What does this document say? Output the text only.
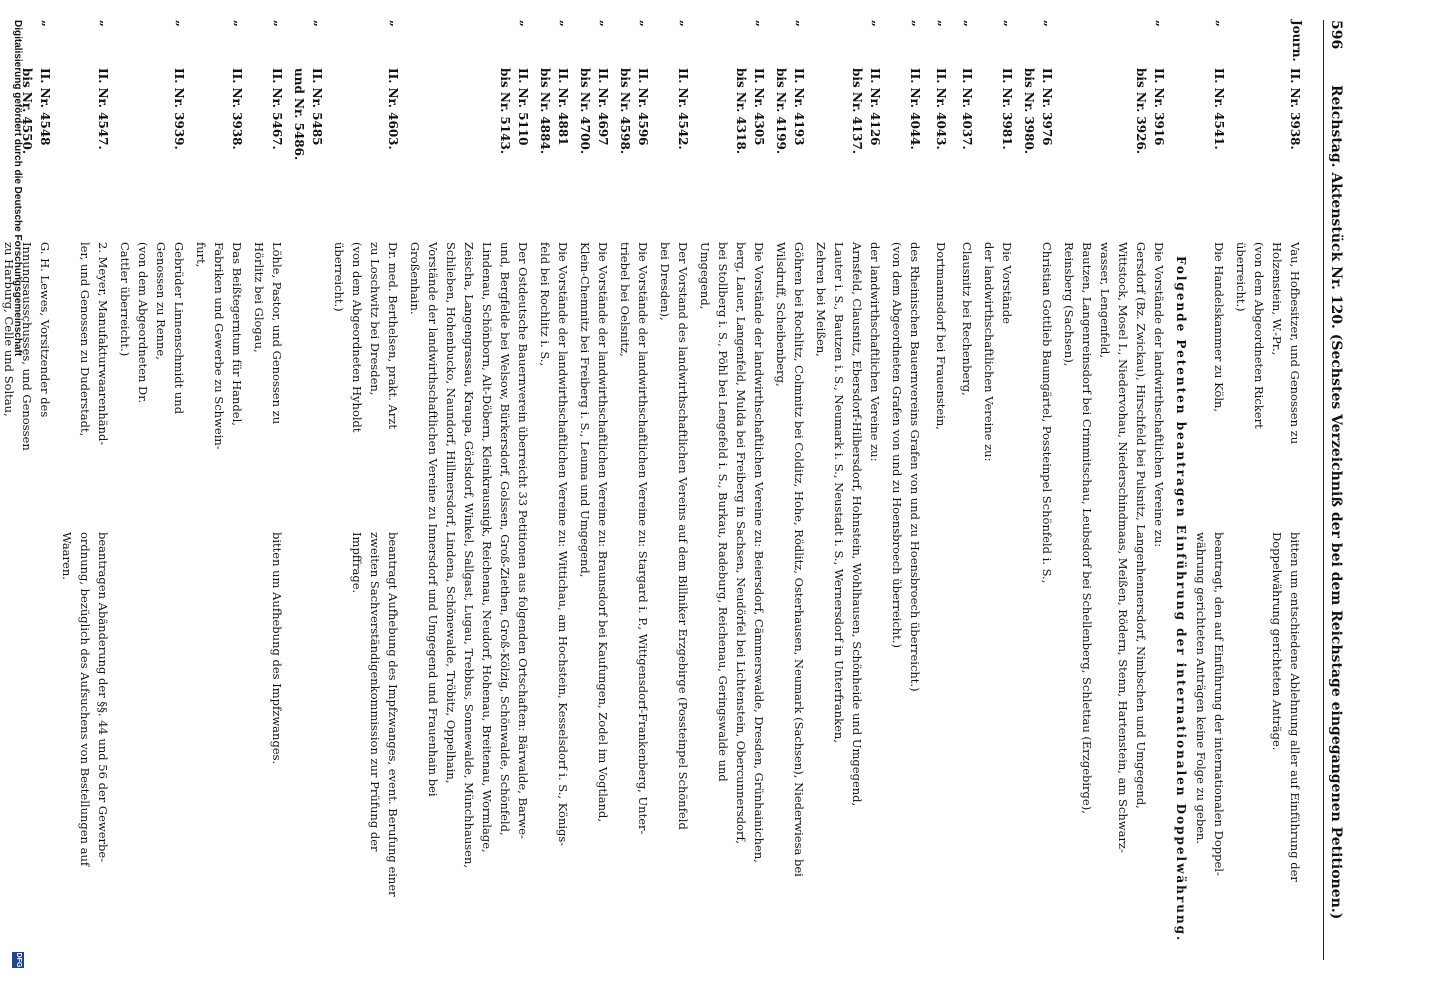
596 Reichstag. Aktenstück Nr. 120. (Sechstes Verzeichniß der bei dem Reichstage eingegangenen Petitionen.)
Journ.
II. Nr. 3938.
Vau, Hofbesitzer, und Genossen zu
Holzenstein, W.-Pr.,
(von dem Abgeordneten Rickert
überreicht.)
bitten um entschiedene Ablehnung aller auf Einführung der
Doppelwährung gerichteten Anträge.
„
II. Nr. 4541.
Die Handelskammer zu Köln,
beantragt, den auf Einführung der internationalen Doppel-
währung gerichteten Anträgen keine Folge zu geben.
Folgende Petenten beantragen Einführung der internationalen Doppelwährung.
„
II. Nr. 3916
bis Nr. 3926.
Die Vorstände der landwirthschaftlichen Vereine zu:
Gersdorf (Bz. Zwickau), Hirschfeld bei Pulsnitz, Langenhennersdorf, Nimbschen und Umgegend,
Wittstock, Mosel I., Niedervohau, Niederschindmaas, Meißen, Rödern, Stenn, Hartenstein, am Schwarz-
wasser, Lengenfeld,
Bautzen, Langenreinsdorf bei Crimmitschau, Leubsdorf bei Schellenberg, Schlettau (Erzgebirge),
Reinsberg (Sachsen),
„
II. Nr. 3976
bis Nr. 3980.
Christian Gottlieb Baumgärtel, Possteinpel Schönfeld i. S.,
„
II. Nr. 3981.
Die Vorstände
der landwirthschaftlichen Vereine zu:
„
II. Nr. 4037.
Clausnitz bei Rechenberg,
„
II. Nr. 4043.
Dortmannsdorf bei Frauenstein,
„
II. Nr. 4044.
des Rheinischen Bauernvereins Grafen von und zu Hoensbroech überreicht.)
(von dem Abgeordneten Grafen von und zu Hoensbroech überreicht.)
„
II. Nr. 4126
bis Nr. 4137.
der landwirthschaftlichen Vereine zu:
Arnsfeld, Clausnitz, Ebersdorf-Hilbersdorf, Hohnstein, Wohlhausen, Schönheide und Umgegend,
Lauter i. S., Bautzen i. S., Neumark i. S., Neustadt i. S., Wernersdorf in Unterfranken,
Zehren bei Meißen,
„
II. Nr. 4193
bis Nr. 4199.
Göhren bei Rochlitz, Colmnitz bei Colditz, Hohe, Rödlitz, Osterhausen, Neumark (Sachsen), Niederwiesa bei
Wilsdruff, Scheibenberg,
„
II. Nr. 4305
bis Nr. 4318.
Die Vorstände der landwirthschaftlichen Vereine zu: Beiersdorf, Cämmerswalde, Dresden, Grünhainichen,
berg, Lauer, Langenfeld, Mulda bei Freiberg in Sachsen, Neudörfel bei Lichtenstein, Obercunnersdorf,
bei Stollberg i. S., Pöhl bei Lengefeld i. S., Burkau, Radeburg, Reichenau, Geringswalde und
Umgegend,
„
II. Nr. 4542.
Der Vorstand des landwirthschaftlichen Vereins auf dem Billniker Erzgebirge (Possteinpel Schönfeld
bei Dresden),
„
II. Nr. 4596
bis Nr. 4598.
Die Vorstände der landwirthschaftlichen Vereine zu: Stargard i. P., Wittgensdorf-Frankenberg, Unter-
triebel bei Oelsnitz,
„
II. Nr. 4697
bis Nr. 4700.
Die Vorstände der landwirthschaftlichen Vereine zu: Braunsdorf bei Kaufungen, Zodel im Vogtland,
Klein-Chemnitz bei Freiberg i. S., Leuma und Umgegend,
„
II. Nr. 4881
bis Nr. 4884.
Die Vorstände der landwirthschaftlichen Vereine zu: Wittichau, am Hochstein, Kesselsdorf i. S., Königs-
feld bei Rochlitz i. S.,
„
II. Nr. 5110
bis Nr. 5143.
Der Ostdeutsche Bauernverein überreicht 33 Petitionen aus folgenden Ortschaften: Bärwalde, Barwe-
und, Bergfelde bei Welsow, Bürkersdorf, Golssen, Groß-Ziethen, Groß-Kölzig, Schönwalde, Schönfeld,
Lindenau, Schönborn, Alt-Döbern, Kleinkrausnigk, Reichenau, Neudorf, Hohenau, Breitenau, Wormlage,
Zeischa, Langengrassau, Kraupa, Görlsdorf, Winkel, Sallgast, Lugau, Trebbus, Sonnewalde, Münchhausen,
Schlieben, Hohenbucko, Naundorf, Hillmersdorf, Lindena, Schönewalde, Tröbitz, Oppelhain,
Vorstände der landwirthschaftlichen Vereine zu Innersdorf und Umgegend und Frauenhain bei
Großenhain.
„
II. Nr. 4603.
Dr. med. Berthelsen, prakt. Arzt
zu Loschwitz bei Dresden,
(von dem Abgeordneten Hyholdt
überreicht.)
beantragt Aufhebung des Impfzwanges, event. Berufung einer
zweiten Sachverständigenkommission zur Prüfung der
Impffrage.
„
II. Nr. 5485
und Nr. 5486.
„
II. Nr. 5467.
Löhle, Pastor, und Genossen zu
Hörlitz bei Glogau,
bitten um Aufhebung des Impfzwanges.
„
II. Nr. 3938.
Das Beißtegerntum für Handel,
Fabriken und Gewerbe zu Schwein-
furt,
„
II. Nr. 3939.
Gebrüder Linnenschmidt und
Genossen zu Renne,
(von dem Abgeordneten Dr.
Cattler überreicht.)
„
II. Nr. 4547.
2. Meyer, Manufakturwaarenhänd-
ler, und Genossen zu Duderstadt,
beantragen Abänderung der §§. 44 und 56 der Gewerbe-
ordnung, bezüglich des Aufsuchens von Bestellungen auf
Waaren.
„
II. Nr. 4548
bis Nr. 4550.
G. H. Lewes, Vorsitzender des
Innungsausschusses, und Genossen
zu Harburg, Celle und Soltau,
Digitalisierung gefördert durch die Deutsche Forschungsgemeinschaft
DFG
